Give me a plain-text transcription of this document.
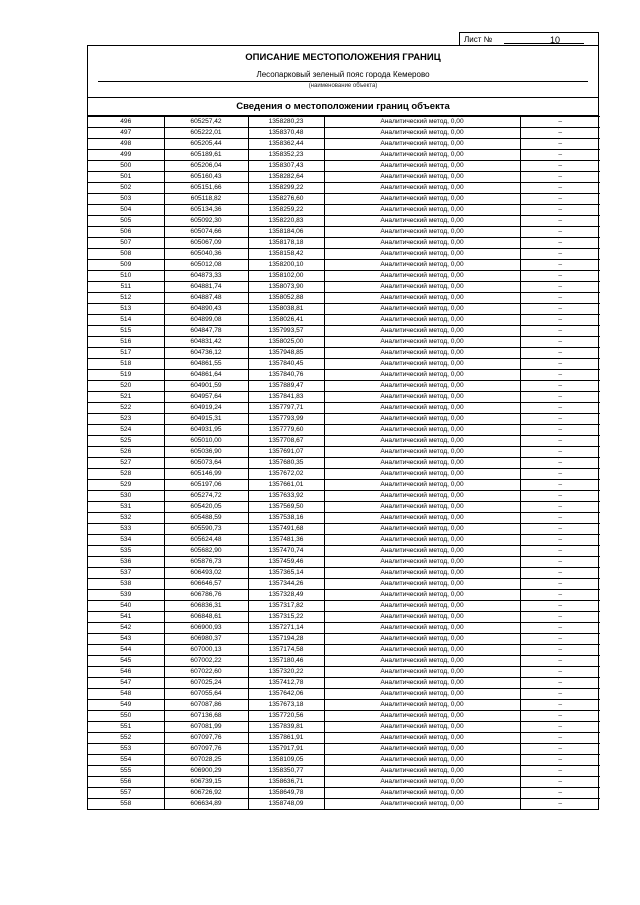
Лист №	10
ОПИСАНИЕ МЕСТОПОЛОЖЕНИЯ ГРАНИЦ
Лесопарковый зеленый пояс города Кемерово
(наименование объекта)
Сведения о местоположении границ объекта
496	605257,42	1358280,23	Аналитический метод, 0,00	–
497	605222,01	1358370,48	Аналитический метод, 0,00	–
498	605205,44	1358362,44	Аналитический метод, 0,00	–
499	605189,61	1358352,23	Аналитический метод, 0,00	–
500	605206,04	1358307,43	Аналитический метод, 0,00	–
501	605160,43	1358282,64	Аналитический метод, 0,00	–
502	605151,66	1358299,22	Аналитический метод, 0,00	–
503	605118,82	1358276,60	Аналитический метод, 0,00	–
504	605134,36	1358259,22	Аналитический метод, 0,00	–
505	605092,30	1358220,83	Аналитический метод, 0,00	–
506	605074,66	1358184,06	Аналитический метод, 0,00	–
507	605067,09	1358178,18	Аналитический метод, 0,00	–
508	605040,36	1358158,42	Аналитический метод, 0,00	–
509	605012,08	1358200,10	Аналитический метод, 0,00	–
510	604873,33	1358102,00	Аналитический метод, 0,00	–
511	604881,74	1358073,90	Аналитический метод, 0,00	–
512	604887,48	1358052,88	Аналитический метод, 0,00	–
513	604890,43	1358038,81	Аналитический метод, 0,00	–
514	604899,08	1358026,41	Аналитический метод, 0,00	–
515	604847,78	1357993,57	Аналитический метод, 0,00	–
516	604831,42	1358025,00	Аналитический метод, 0,00	–
517	604736,12	1357948,85	Аналитический метод, 0,00	–
518	604861,55	1357840,45	Аналитический метод, 0,00	–
519	604861,64	1357840,76	Аналитический метод, 0,00	–
520	604901,59	1357889,47	Аналитический метод, 0,00	–
521	604957,64	1357841,83	Аналитический метод, 0,00	–
522	604919,24	1357797,71	Аналитический метод, 0,00	–
523	604915,31	1357793,99	Аналитический метод, 0,00	–
524	604931,95	1357779,60	Аналитический метод, 0,00	–
525	605010,00	1357708,67	Аналитический метод, 0,00	–
526	605036,90	1357691,07	Аналитический метод, 0,00	–
527	605073,64	1357680,35	Аналитический метод, 0,00	–
528	605146,99	1357672,02	Аналитический метод, 0,00	–
529	605197,06	1357661,01	Аналитический метод, 0,00	–
530	605274,72	1357633,92	Аналитический метод, 0,00	–
531	605420,05	1357569,50	Аналитический метод, 0,00	–
532	605488,59	1357538,16	Аналитический метод, 0,00	–
533	605590,73	1357491,68	Аналитический метод, 0,00	–
534	605624,48	1357481,36	Аналитический метод, 0,00	–
535	605682,90	1357470,74	Аналитический метод, 0,00	–
536	605876,73	1357459,46	Аналитический метод, 0,00	–
537	606493,02	1357365,14	Аналитический метод, 0,00	–
538	606646,57	1357344,26	Аналитический метод, 0,00	–
539	606786,76	1357328,49	Аналитический метод, 0,00	–
540	606836,31	1357317,82	Аналитический метод, 0,00	–
541	606848,61	1357315,22	Аналитический метод, 0,00	–
542	606900,93	1357271,14	Аналитический метод, 0,00	–
543	606980,37	1357194,28	Аналитический метод, 0,00	–
544	607000,13	1357174,58	Аналитический метод, 0,00	–
545	607002,22	1357180,46	Аналитический метод, 0,00	–
546	607022,60	1357320,22	Аналитический метод, 0,00	–
547	607025,24	1357412,78	Аналитический метод, 0,00	–
548	607055,64	1357642,06	Аналитический метод, 0,00	–
549	607087,86	1357673,18	Аналитический метод, 0,00	–
550	607136,68	1357720,56	Аналитический метод, 0,00	–
551	607081,99	1357839,81	Аналитический метод, 0,00	–
552	607097,76	1357861,91	Аналитический метод, 0,00	–
553	607097,76	1357917,91	Аналитический метод, 0,00	–
554	607028,25	1358109,05	Аналитический метод, 0,00	–
555	606900,29	1358350,77	Аналитический метод, 0,00	–
556	606739,15	1358636,71	Аналитический метод, 0,00	–
557	606726,92	1358649,78	Аналитический метод, 0,00	–
558	606634,89	1358748,09	Аналитический метод, 0,00	–
